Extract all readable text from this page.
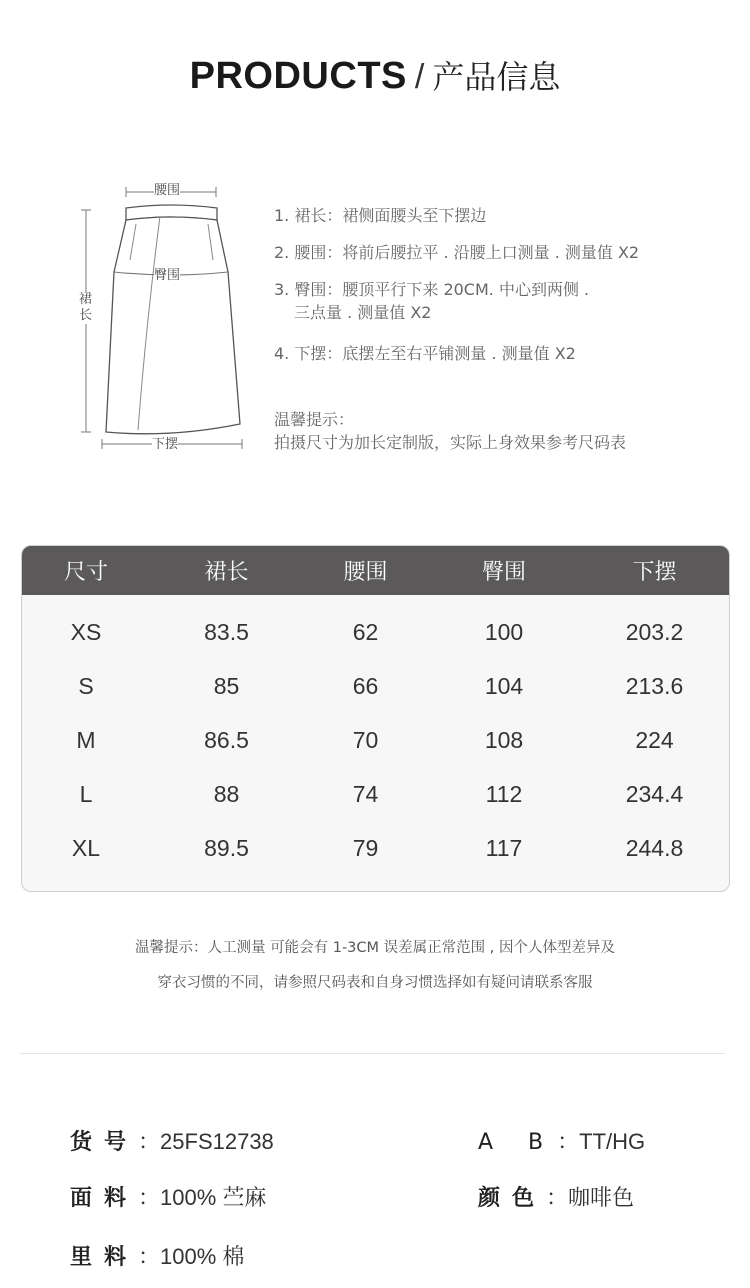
PRODUCTS / 产品信息
腰围
臀围
裙长
下摆
1. 裙长：裙侧面腰头至下摆边
2. 腰围：将前后腰拉平 . 沿腰上口测量 . 测量值 X2
3. 臀围：腰顶平行下来 20CM. 中心到两侧 .
三点量 . 测量值 X2
4. 下摆：底摆左至右平铺测量 . 测量值 X2
温馨提示：
拍摄尺寸为加长定制版，实际上身效果参考尺码表
尺寸	裙长	腰围	臀围	下摆
XS	83.5	62	100	203.2
S	85	66	104	213.6
M	86.5	70	108	224
L	88	74	112	234.4
XL	89.5	79	117	244.8
温馨提示：人工测量 可能会有 1-3CM 误差属正常范围 , 因个人体型差异及
穿衣习惯的不同，请参照尺码表和自身习惯选择如有疑问请联系客服
货号：25FS12738	A B：TT/HG
面料：100% 苎麻	颜色：咖啡色
里料：100% 棉
